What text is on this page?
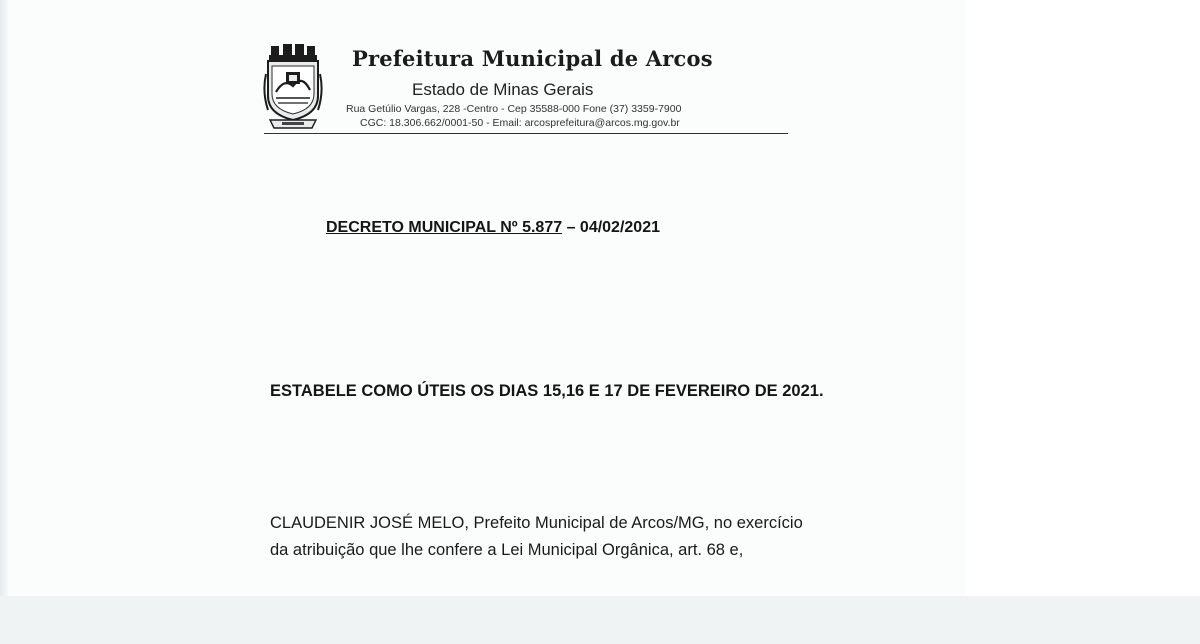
Prefeitura Municipal de Arcos
Estado de Minas Gerais
Rua Getúlio Vargas, 228 -Centro - Cep 35588-000 Fone (37) 3359-7900
CGC: 18.306.662/0001-50 - Email: arcosprefeitura@arcos.mg.gov.br
DECRETO MUNICIPAL Nº 5.877 – 04/02/2021
ESTABELE COMO ÚTEIS OS DIAS 15,16 E 17 DE FEVEREIRO DE 2021.
CLAUDENIR JOSÉ MELO, Prefeito Municipal de Arcos/MG, no exercício
da atribuição que lhe confere a Lei Municipal Orgânica, art. 68 e,
